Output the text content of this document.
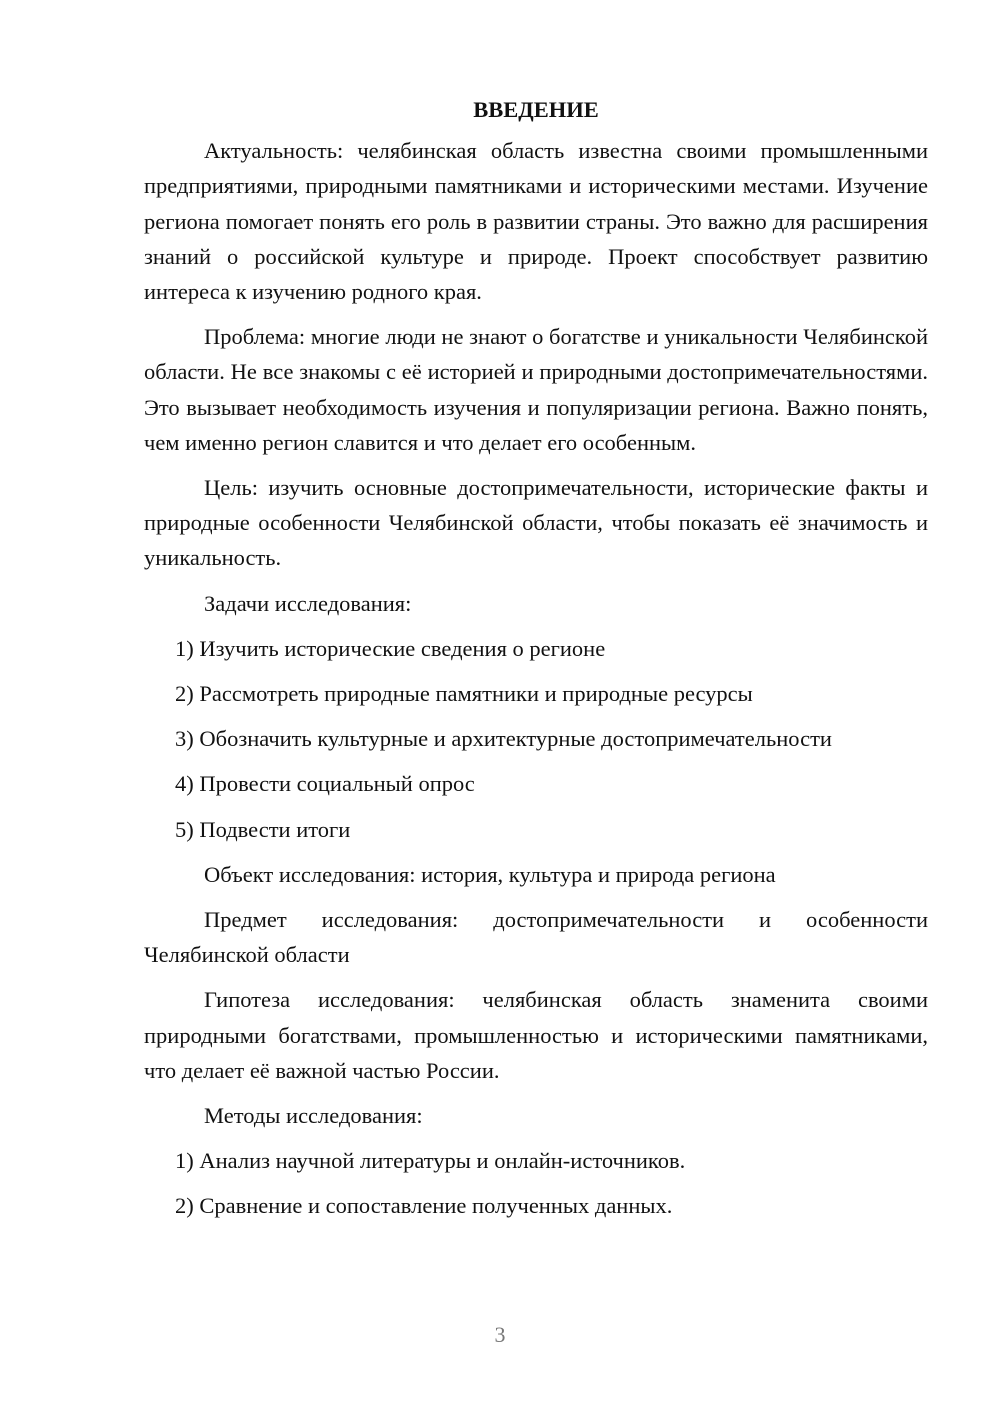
ВВЕДЕНИЕ

Актуальность: челябинская область известна своими промышленными предприятиями, природными памятниками и историческими местами. Изучение региона помогает понять его роль в развитии страны. Это важно для расширения знаний о российской культуре и природе. Проект способствует развитию интереса к изучению родного края.

Проблема: многие люди не знают о богатстве и уникальности Челябинской области. Не все знакомы с её историей и природными достопримечательностями. Это вызывает необходимость изучения и популяризации региона. Важно понять, чем именно регион славится и что делает его особенным.

Цель: изучить основные достопримечательности, исторические факты и природные особенности Челябинской области, чтобы показать её значимость и уникальность.

Задачи исследования:
1) Изучить исторические сведения о регионе
2) Рассмотреть природные памятники и природные ресурсы
3) Обозначить культурные и архитектурные достопримечательности
4) Провести социальный опрос
5) Подвести итоги
Объект исследования: история, культура и природа региона

Предмет исследования: достопримечательности и особенности Челябинской области

Гипотеза исследования: челябинская область знаменита своими природными богатствами, промышленностью и историческими памятниками, что делает её важной частью России.

Методы исследования:
1) Анализ научной литературы и онлайн-источников.
2) Сравнение и сопоставление полученных данных.
3
